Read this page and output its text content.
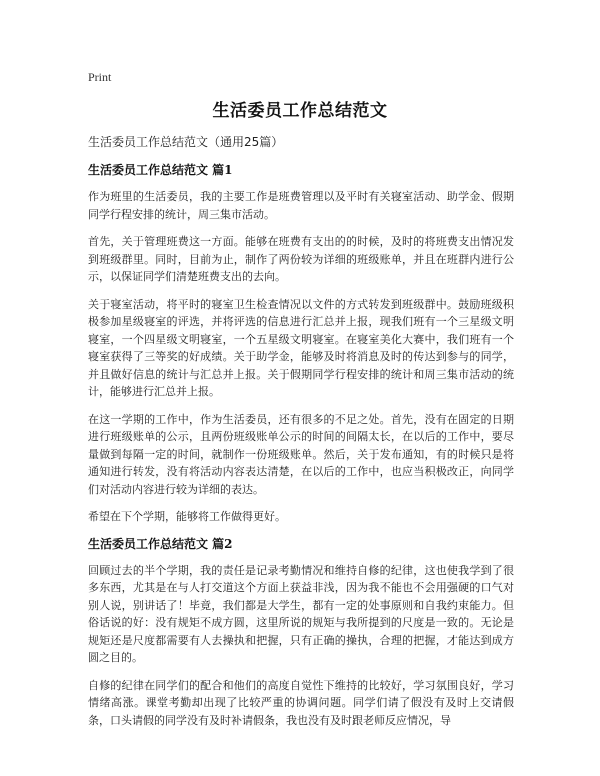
Print
生活委员工作总结范文
生活委员工作总结范文（通用25篇）
生活委员工作总结范文 篇1

作为班里的生活委员，我的主要工作是班费管理以及平时有关寝室活动、助学金、假期同学行程安排的统计，周三集市活动。

首先，关于管理班费这一方面。能够在班费有支出的的时候，及时的将班费支出情况发到班级群里。同时，目前为止，制作了两份较为详细的班级账单，并且在班群内进行公示，以保证同学们清楚班费支出的去向。

关于寝室活动，将平时的寝室卫生检查情况以文件的方式转发到班级群中。鼓励班级积极参加星级寝室的评选，并将评选的信息进行汇总并上报，现我们班有一个三星级文明寝室，一个四星级文明寝室，一个五星级文明寝室。在寝室美化大赛中，我们班有一个寝室获得了三等奖的好成绩。关于助学金，能够及时将消息及时的传达到参与的同学，并且做好信息的统计与汇总并上报。关于假期同学行程安排的统计和周三集市活动的统计，能够进行汇总并上报。

在这一学期的工作中，作为生活委员，还有很多的不足之处。首先，没有在固定的日期进行班级账单的公示，且两份班级账单公示的时间的间隔太长，在以后的工作中，要尽量做到每隔一定的时间，就制作一份班级账单。然后，关于发布通知，有的时候只是将通知进行转发，没有将活动内容表达清楚，在以后的工作中，也应当积极改正，向同学们对活动内容进行较为详细的表达。

希望在下个学期，能够将工作做得更好。

生活委员工作总结范文 篇2

回顾过去的半个学期，我的责任是记录考勤情况和维持自修的纪律，这也使我学到了很多东西，尤其是在与人打交道这个方面上获益非浅，因为我不能也不会用强硬的口气对别人说，别讲话了！毕竟，我们都是大学生，都有一定的处事原则和自我约束能力。但俗话说的好：没有规矩不成方圆，这里所说的规矩与我所提到的尺度是一致的。无论是规矩还是尺度都需要有人去操执和把握，只有正确的操执，合理的把握，才能达到成方圆之目的。

自修的纪律在同学们的配合和他们的高度自觉性下维持的比较好，学习氛围良好，学习情绪高涨。课堂考勤却出现了比较严重的协调问题。同学们请了假没有及时上交请假条，口头请假的同学没有及时补请假条，我也没有及时跟老师反应情况，导
